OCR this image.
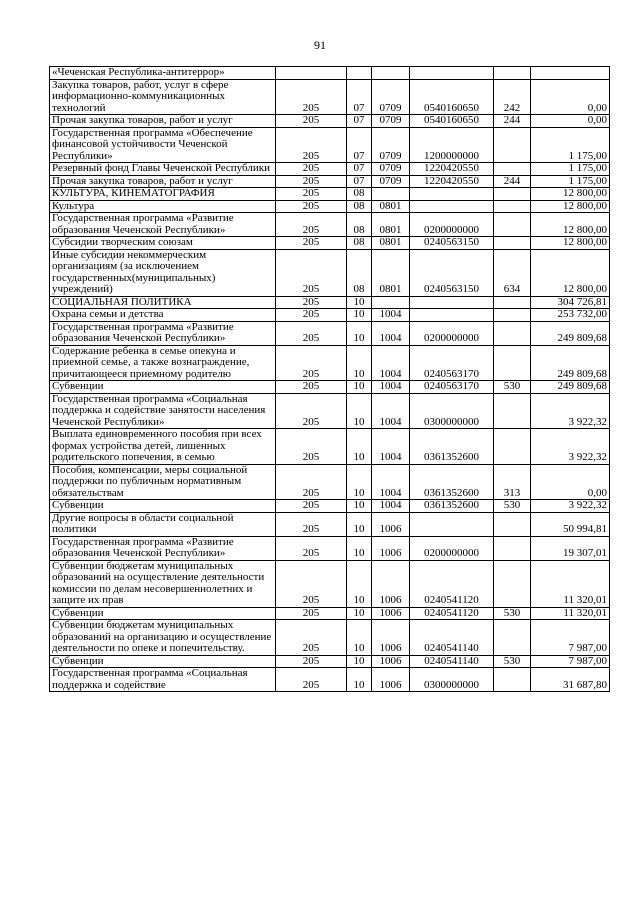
91
«Чеченская Республика-антитеррор»						
Закупка товаров, работ, услуг в сфере информационно-коммуникационных технологий	205	07	0709	0540160650	242	0,00
Прочая закупка товаров, работ и услуг	205	07	0709	0540160650	244	0,00
Государственная программа «Обеспечение финансовой устойчивости Чеченской Республики»	205	07	0709	1200000000		1 175,00
Резервный фонд Главы Чеченской Республики	205	07	0709	1220420550		1 175,00
Прочая закупка товаров, работ и услуг	205	07	0709	1220420550	244	1 175,00
КУЛЬТУРА, КИНЕМАТОГРАФИЯ	205	08				12 800,00
Культура	205	08	0801			12 800,00
Государственная программа «Развитие образования Чеченской Республики»	205	08	0801	0200000000		12 800,00
Субсидии творческим союзам	205	08	0801	0240563150		12 800,00
Иные субсидии некоммерческим организациям (за исключением государственных(муниципальных) учреждений)	205	08	0801	0240563150	634	12 800,00
СОЦИАЛЬНАЯ ПОЛИТИКА	205	10				304 726,81
Охрана семьи и детства	205	10	1004			253 732,00
Государственная программа «Развитие образования Чеченской Республики»	205	10	1004	0200000000		249 809,68
Содержание ребенка в семье опекуна и приемной семье, а также вознаграждение, причитающееся приемному родителю	205	10	1004	0240563170		249 809,68
Субвенции	205	10	1004	0240563170	530	249 809,68
Государственная программа «Социальная поддержка и содействие занятости населения Чеченской Республики»	205	10	1004	0300000000		3 922,32
Выплата единовременного пособия при всех формах устройства детей, лишенных родительского попечения, в семью	205	10	1004	0361352600		3 922,32
Пособия, компенсации, меры социальной поддержки по публичным нормативным обязательствам	205	10	1004	0361352600	313	0,00
Субвенции	205	10	1004	0361352600	530	3 922,32
Другие вопросы в области социальной политики	205	10	1006			50 994,81
Государственная программа «Развитие образования Чеченской Республики»	205	10	1006	0200000000		19 307,01
Субвенции бюджетам муниципальных образований на осуществление деятельности комиссии по делам несовершеннолетних и защите их прав	205	10	1006	0240541120		11 320,01
Субвенции	205	10	1006	0240541120	530	11 320,01
Субвенции бюджетам муниципальных образований на организацию и осуществление деятельности по опеке и попечительству.	205	10	1006	0240541140		7 987,00
Субвенции	205	10	1006	0240541140	530	7 987,00
Государственная программа «Социальная поддержка и содействие	205	10	1006	0300000000		31 687,80
